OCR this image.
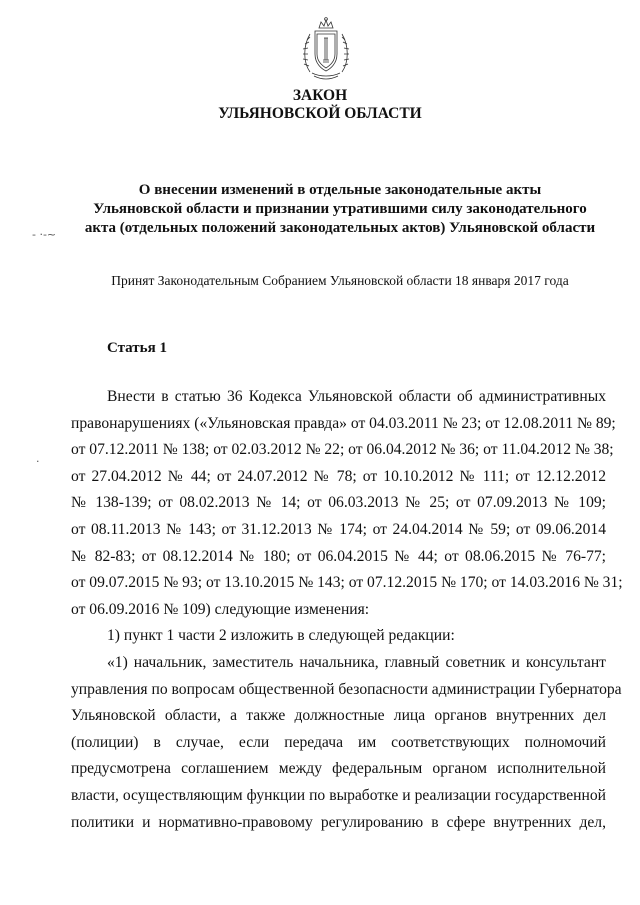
ЗАКОН
УЛЬЯНОВСКОЙ ОБЛАСТИ
О внесении изменений в отдельные законодательные акты
Ульяновской области и признании утратившими силу законодательного
акта (отдельных положений законодательных актов) Ульяновской области
- ·‑~
.
Принят Законодательным Собранием Ульяновской области 18 января 2017 года
Статья 1
Внести в статью 36 Кодекса Ульяновской области об административных
правонарушениях («Ульяновская правда» от 04.03.2011 № 23; от 12.08.2011 № 89;
от 07.12.2011 № 138; от 02.03.2012 № 22; от 06.04.2012 № 36; от 11.04.2012 № 38;
от 27.04.2012 № 44; от 24.07.2012 № 78; от 10.10.2012 № 111; от 12.12.2012
№ 138-139; от 08.02.2013 № 14; от 06.03.2013 № 25; от 07.09.2013 № 109;
от 08.11.2013 № 143; от 31.12.2013 № 174; от 24.04.2014 № 59; от 09.06.2014
№ 82-83; от 08.12.2014 № 180; от 06.04.2015 № 44; от 08.06.2015 № 76-77;
от 09.07.2015 № 93; от 13.10.2015 № 143; от 07.12.2015 № 170; от 14.03.2016 № 31;
от 06.09.2016 № 109) следующие изменения:
1) пункт 1 части 2 изложить в следующей редакции:
«1) начальник, заместитель начальника, главный советник и консультант
управления по вопросам общественной безопасности администрации Губернатора
Ульяновской области, а также должностные лица органов внутренних дел
(полиции) в случае, если передача им соответствующих полномочий
предусмотрена соглашением между федеральным органом исполнительной
власти, осуществляющим функции по выработке и реализации государственной
политики и нормативно-правовому регулированию в сфере внутренних дел,
